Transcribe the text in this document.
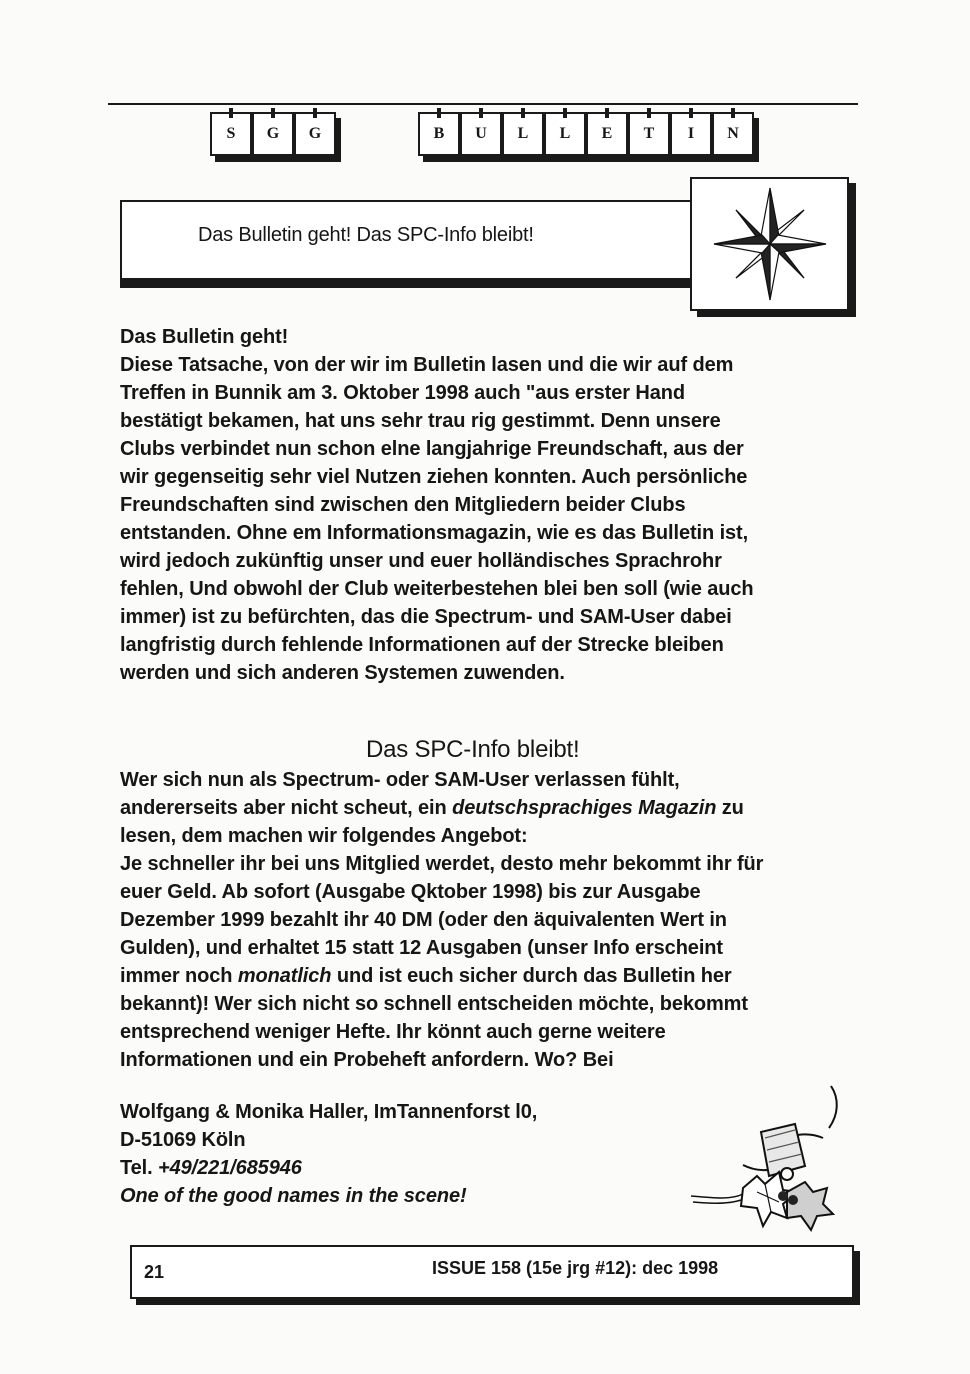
S	G	G	B	U	L	L	E	T	I	N
Das Bulletin geht! Das SPC-Info bleibt!
Das Bulletin geht!
Diese Tatsache, von der wir im Bulletin lasen und die wir auf dem
Treffen in Bunnik am 3. Oktober 1998 auch "aus erster Hand
bestätigt bekamen, hat uns sehr trau rig gestimmt. Denn unsere
Clubs verbindet nun schon elne langjahrige Freundschaft, aus der
wir gegenseitig sehr viel Nutzen ziehen konnten. Auch persönliche
Freundschaften sind zwischen den Mitgliedern beider Clubs
entstanden. Ohne em Informationsmagazin, wie es das Bulletin ist,
wird jedoch zukünftig unser und euer holländisches Sprachrohr
fehlen, Und obwohl der Club weiterbestehen blei ben soll (wie auch
immer) ist zu befürchten, das die Spectrum- und SAM-User dabei
langfristig durch fehlende Informationen auf der Strecke bleiben
werden und sich anderen Systemen zuwenden.
Das SPC-Info bleibt!
Wer sich nun als Spectrum- oder SAM-User verlassen fühlt,
andererseits aber nicht scheut, ein deutschsprachiges Magazin zu
lesen, dem machen wir folgendes Angebot:
Je schneller ihr bei uns Mitglied werdet, desto mehr bekommt ihr für
euer Geld. Ab sofort (Ausgabe Qktober 1998) bis zur Ausgabe
Dezember 1999 bezahlt ihr 40 DM (oder den äquivalenten Wert in
Gulden), und erhaltet 15 statt 12 Ausgaben (unser Info erscheint
immer noch monatlich und ist euch sicher durch das Bulletin her
bekannt)! Wer sich nicht so schnell entscheiden möchte, bekommt
entsprechend weniger Hefte. Ihr könnt auch gerne weitere
Informationen und ein Probeheft anfordern. Wo? Bei
Wolfgang & Monika Haller, ImTannenforst l0,
D-51069 Köln
Tel. +49/221/685946
One of the good names in the scene!
21	ISSUE 158 (15e jrg #12): dec 1998
